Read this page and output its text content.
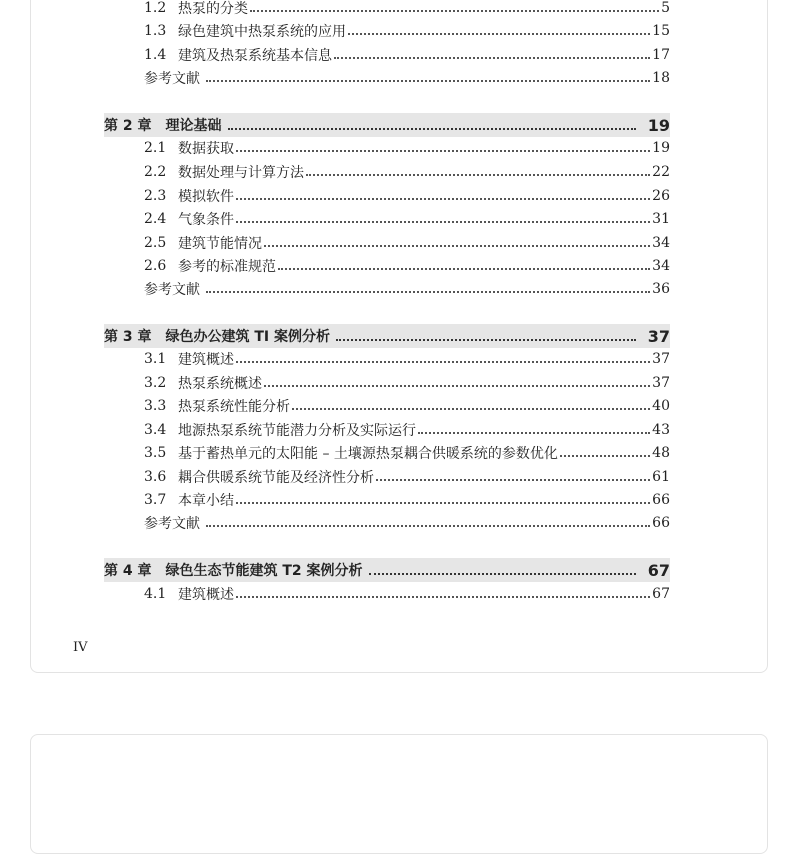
1.2 热泵的分类	5
1.3 绿色建筑中热泵系统的应用	15
1.4 建筑及热泵系统基本信息	17
参考文献	18
第 2 章 理论基础	19
2.1 数据获取	19
2.2 数据处理与计算方法	22
2.3 模拟软件	26
2.4 气象条件	31
2.5 建筑节能情况	34
2.6 参考的标准规范	34
参考文献	36
第 3 章 绿色办公建筑 TI 案例分析	37
3.1 建筑概述	37
3.2 热泵系统概述	37
3.3 热泵系统性能分析	40
3.4 地源热泵系统节能潜力分析及实际运行	43
3.5 基于蓄热单元的太阳能 – 土壤源热泵耦合供暖系统的参数优化	48
3.6 耦合供暖系统节能及经济性分析	61
3.7 本章小结	66
参考文献	66
第 4 章 绿色生态节能建筑 T2 案例分析	67
4.1 建筑概述	67
IV
